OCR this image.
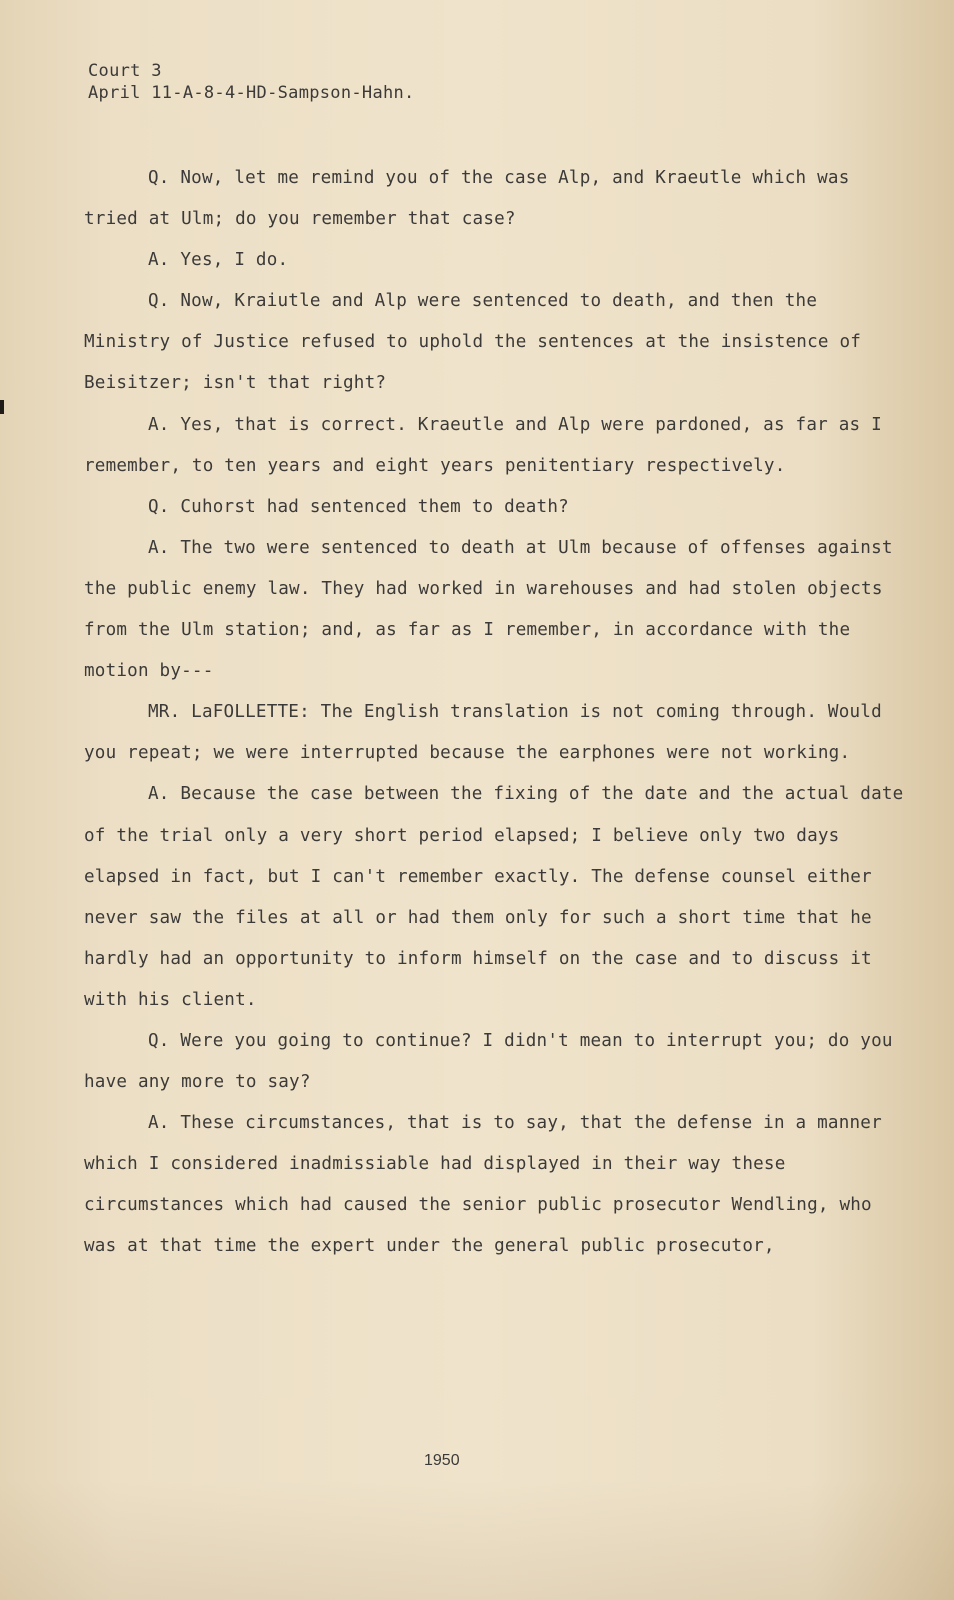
Court 3
April 11-A-8-4-HD-Sampson-Hahn.

Q. Now, let me remind you of the case Alp, and Kraeutle which was tried at Ulm; do you remember that case?

A. Yes, I do.

Q. Now, Kraiutle and Alp were sentenced to death, and then the Ministry of Justice refused to uphold the sentences at the insistence of Beisitzer; isn't that right?

A. Yes, that is correct. Kraeutle and Alp were pardoned, as far as I remember, to ten years and eight years penitentiary respectively.

Q. Cuhorst had sentenced them to death?

A. The two were sentenced to death at Ulm because of offenses against the public enemy law. They had worked in warehouses and had stolen objects from the Ulm station; and, as far as I remember, in accordance with the motion by---

MR. LaFOLLETTE: The English translation is not coming through. Would you repeat; we were interrupted because the earphones were not working.

A. Because the case between the fixing of the date and the actual date of the trial only a very short period elapsed; I believe only two days elapsed in fact, but I can't remember exactly. The defense counsel either never saw the files at all or had them only for such a short time that he hardly had an opportunity to inform himself on the case and to discuss it with his client.

Q. Were you going to continue? I didn't mean to interrupt you; do you have any more to say?

A. These circumstances, that is to say, that the defense in a manner which I considered inadmissiable had displayed in their way these circumstances which had caused the senior public prosecutor Wendling, who was at that time the expert under the general public prosecutor,

1950
